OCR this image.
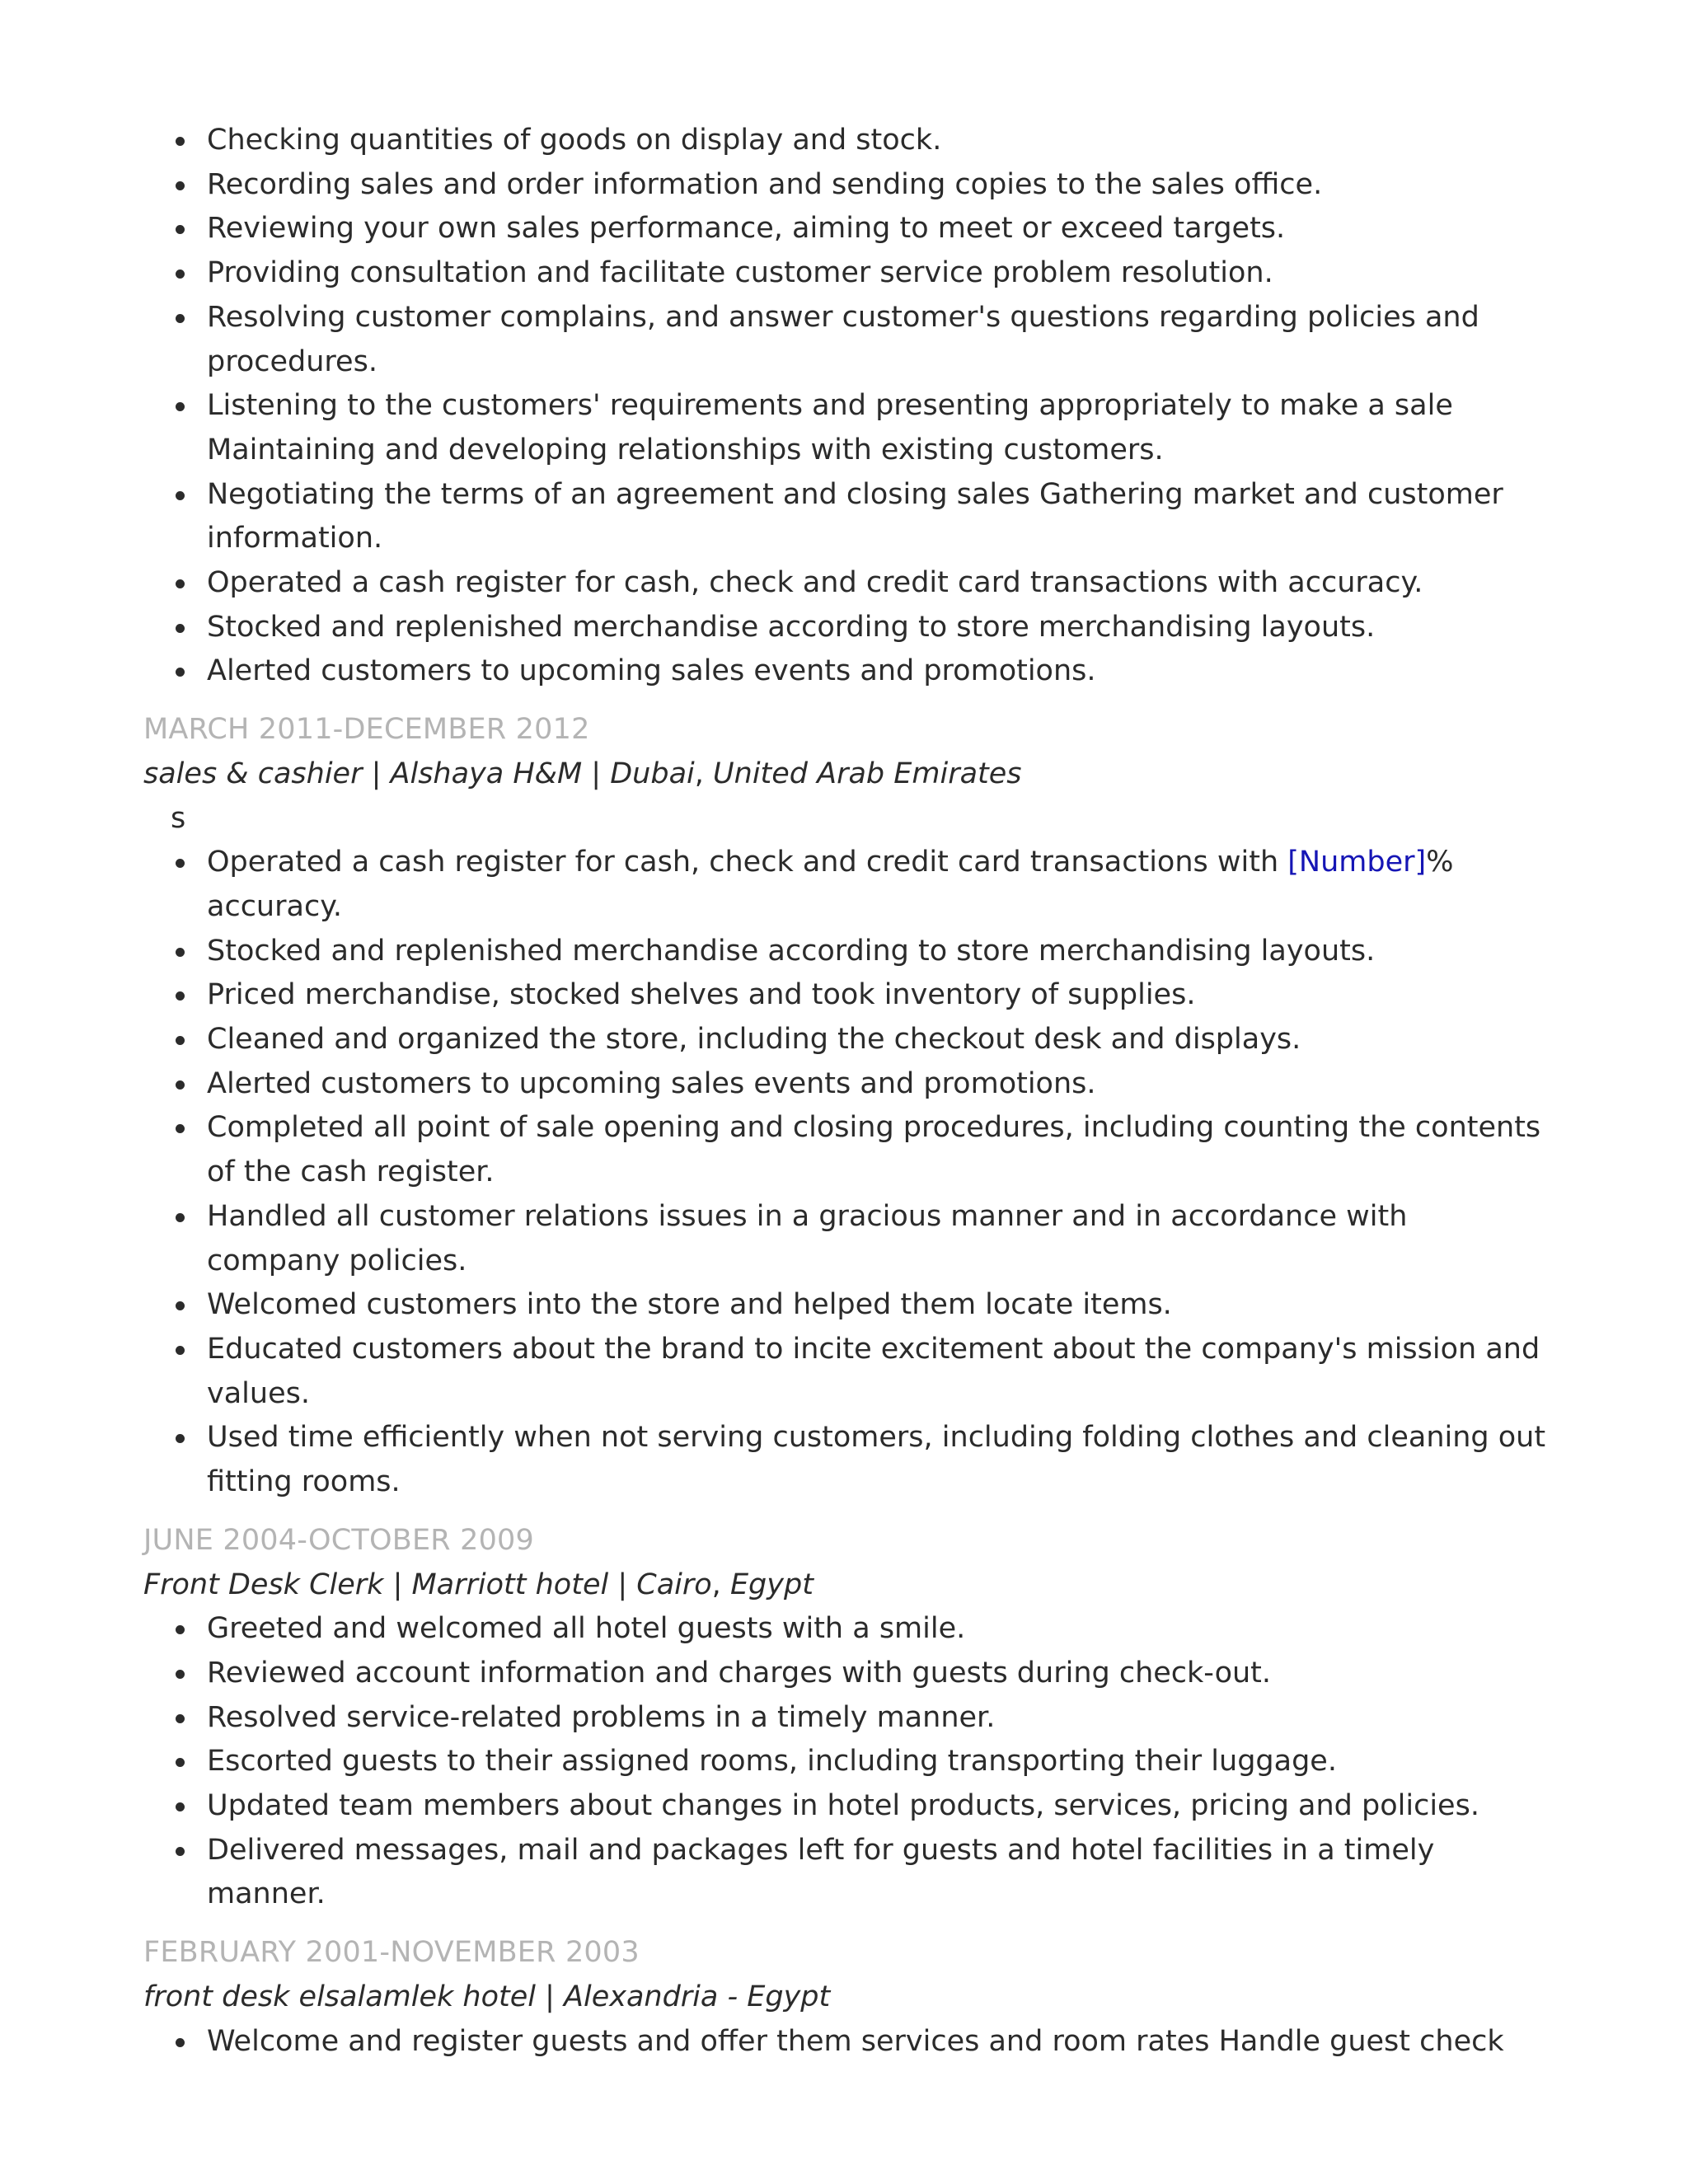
Checking quantities of goods on display and stock.
Recording sales and order information and sending copies to the sales office.
Reviewing your own sales performance, aiming to meet or exceed targets.
Providing consultation and facilitate customer service problem resolution.
Resolving customer complains, and answer customer's questions regarding policies and procedures.
Listening to the customers' requirements and presenting appropriately to make a sale Maintaining and developing relationships with existing customers.
Negotiating the terms of an agreement and closing sales Gathering market and customer information.
Operated a cash register for cash, check and credit card transactions with accuracy.
Stocked and replenished merchandise according to store merchandising layouts.
Alerted customers to upcoming sales events and promotions.
MARCH 2011-DECEMBER 2012
sales & cashier | Alshaya H&M | Dubai, United Arab Emirates
s
Operated a cash register for cash, check and credit card transactions with [Number]% accuracy.
Stocked and replenished merchandise according to store merchandising layouts.
Priced merchandise, stocked shelves and took inventory of supplies.
Cleaned and organized the store, including the checkout desk and displays.
Alerted customers to upcoming sales events and promotions.
Completed all point of sale opening and closing procedures, including counting the contents of the cash register.
Handled all customer relations issues in a gracious manner and in accordance with company policies.
Welcomed customers into the store and helped them locate items.
Educated customers about the brand to incite excitement about the company's mission and values.
Used time efficiently when not serving customers, including folding clothes and cleaning out fitting rooms.
JUNE 2004-OCTOBER 2009
Front Desk Clerk | Marriott hotel | Cairo, Egypt
Greeted and welcomed all hotel guests with a smile.
Reviewed account information and charges with guests during check-out.
Resolved service-related problems in a timely manner.
Escorted guests to their assigned rooms, including transporting their luggage.
Updated team members about changes in hotel products, services, pricing and policies.
Delivered messages, mail and packages left for guests and hotel facilities in a timely manner.
FEBRUARY 2001-NOVEMBER 2003
front desk elsalamlek hotel | Alexandria - Egypt
Welcome and register guests and offer them services and room rates Handle guest check
